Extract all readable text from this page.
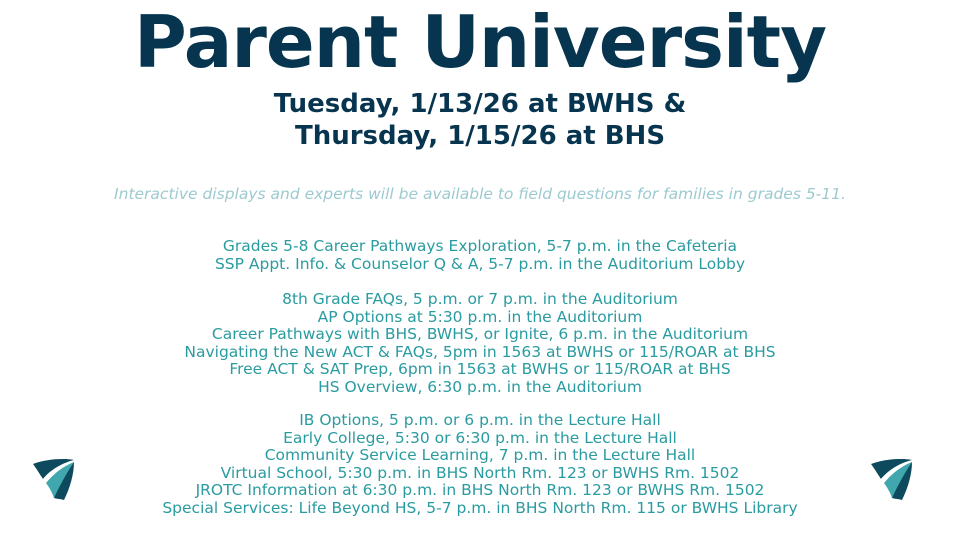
Parent University
Tuesday, 1/13/26 at BWHS &
Thursday, 1/15/26 at BHS
Interactive displays and experts will be available to field questions for families in grades 5-11.
Grades 5-8 Career Pathways Exploration, 5-7 p.m. in the Cafeteria
SSP Appt. Info. & Counselor Q & A, 5-7 p.m. in the Auditorium Lobby
8th Grade FAQs, 5 p.m. or 7 p.m. in the Auditorium
AP Options at 5:30 p.m. in the Auditorium
Career Pathways with BHS, BWHS, or Ignite, 6 p.m. in the Auditorium
Navigating the New ACT & FAQs, 5pm in 1563 at BWHS or 115/ROAR at BHS
Free ACT & SAT Prep, 6pm in 1563 at BWHS or 115/ROAR at BHS
HS Overview, 6:30 p.m. in the Auditorium
IB Options, 5 p.m. or 6 p.m. in the Lecture Hall
Early College, 5:30 or 6:30 p.m. in the Lecture Hall
Community Service Learning, 7 p.m. in the Lecture Hall
Virtual School, 5:30 p.m. in BHS North Rm. 123 or BWHS Rm. 1502
JROTC Information at 6:30 p.m. in BHS North Rm. 123 or BWHS Rm. 1502
Special Services: Life Beyond HS, 5-7 p.m. in BHS North Rm. 115 or BWHS Library
